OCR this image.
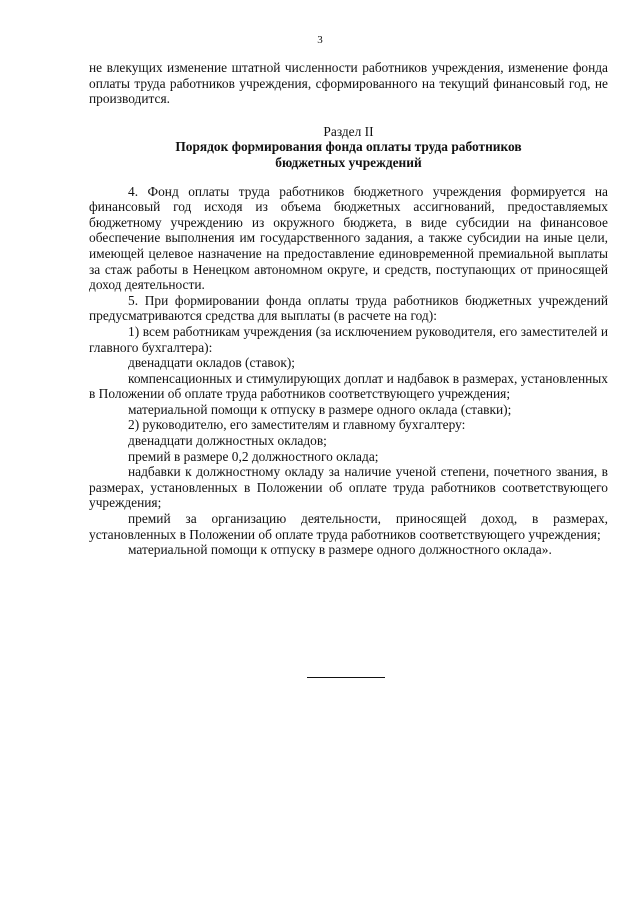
3

не влекущих изменение штатной численности работников учреждения, изменение фонда оплаты труда работников учреждения, сформированного на текущий финансовый год, не производится.

Раздел II

Порядок формирования фонда оплаты труда работников

бюджетных учреждений

4. Фонд оплаты труда работников бюджетного учреждения формируется на финансовый год исходя из объема бюджетных ассигнований, предоставляемых бюджетному учреждению из окружного бюджета, в виде субсидии на финансовое обеспечение выполнения им государственного задания, а также субсидии на иные цели, имеющей целевое назначение на предоставление единовременной премиальной выплаты за стаж работы в Ненецком автономном округе, и средств, поступающих от приносящей доход деятельности.

5. При формировании фонда оплаты труда работников бюджетных учреждений предусматриваются средства для выплаты (в расчете на год):

1) всем работникам учреждения (за исключением руководителя, его заместителей и главного бухгалтера):

двенадцати окладов (ставок);

компенсационных и стимулирующих доплат и надбавок в размерах, установленных в Положении об оплате труда работников соответствующего учреждения;

материальной помощи к отпуску в размере одного оклада (ставки);

2) руководителю, его заместителям и главному бухгалтеру:

двенадцати должностных окладов;

премий в размере 0,2 должностного оклада;

надбавки к должностному окладу за наличие ученой степени, почетного звания, в размерах, установленных в Положении об оплате труда работников соответствующего учреждения;

премий за организацию деятельности, приносящей доход, в размерах, установленных в Положении об оплате труда работников соответствующего учреждения;

материальной помощи к отпуску в размере одного должностного оклада».
